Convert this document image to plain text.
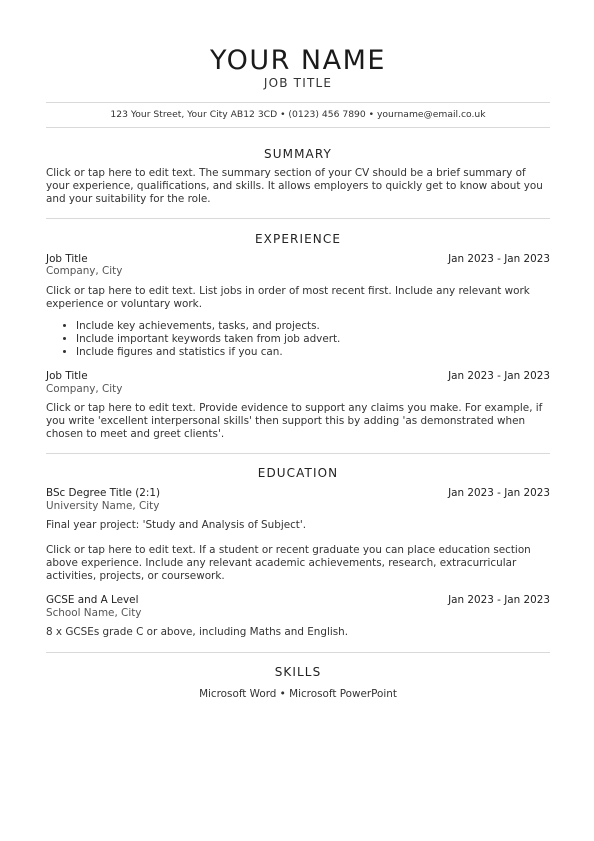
YOUR NAME
JOB TITLE
123 Your Street, Your City AB12 3CD • (0123) 456 7890 • yourname@email.co.uk
SUMMARY
Click or tap here to edit text. The summary section of your CV should be a brief summary of your experience, qualifications, and skills. It allows employers to quickly get to know about you and your suitability for the role.
EXPERIENCE
Job Title	Jan 2023 - Jan 2023
Company, City
Click or tap here to edit text. List jobs in order of most recent first. Include any relevant work experience or voluntary work.
• Include key achievements, tasks, and projects.
• Include important keywords taken from job advert.
• Include figures and statistics if you can.
Job Title	Jan 2023 - Jan 2023
Company, City
Click or tap here to edit text. Provide evidence to support any claims you make. For example, if you write 'excellent interpersonal skills' then support this by adding 'as demonstrated when chosen to meet and greet clients'.
EDUCATION
BSc Degree Title (2:1)	Jan 2023 - Jan 2023
University Name, City
Final year project: 'Study and Analysis of Subject'.
Click or tap here to edit text. If a student or recent graduate you can place education section above experience. Include any relevant academic achievements, research, extracurricular activities, projects, or coursework.
GCSE and A Level	Jan 2023 - Jan 2023
School Name, City
8 x GCSEs grade C or above, including Maths and English.
SKILLS
Microsoft Word • Microsoft PowerPoint
